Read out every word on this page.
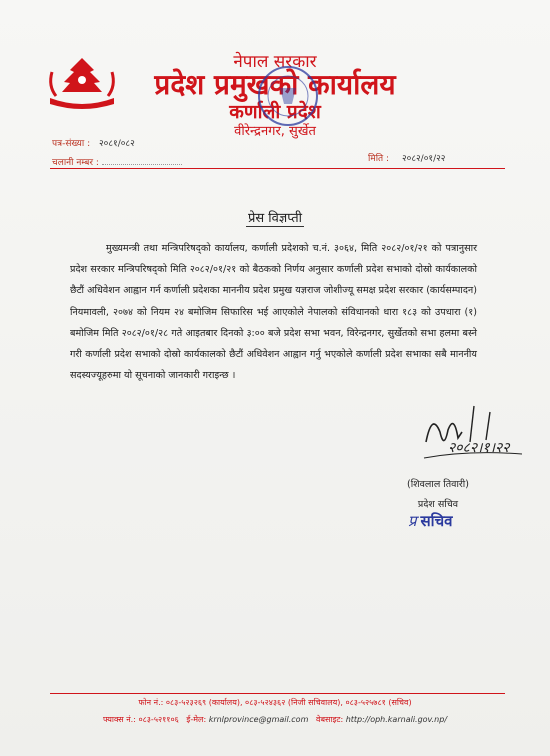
नेपाल सरकार
प्रदेश प्रमुखको कार्यालय
कर्णाली प्रदेश
वीरेन्द्रनगर, सुर्खेत
पत्र-संख्या : २०८१/०८२
चलानी नम्बर :	मिति : २०८२/०१/२२
प्रेस विज्ञप्ती
मुख्यमन्त्री तथा मन्त्रिपरिषद्को कार्यालय, कर्णाली प्रदेशको च.नं. ३०६४, मिति २०८२/०१/२१ को पत्रानुसार प्रदेश सरकार मन्त्रिपरिषद्को मिति २०८२/०१/२१ को बैठकको निर्णय अनुसार कर्णाली प्रदेश सभाको दोस्रो कार्यकालको छैटौं अधिवेशन आह्वान गर्न कर्णाली प्रदेशका माननीय प्रदेश प्रमुख यज्ञराज जोशीज्यू समक्ष प्रदेश सरकार (कार्यसम्पादन) नियमावली, २०७४ को नियम २४ बमोजिम सिफारिस भई आएकोले नेपालको संविधानको धारा १८३ को उपधारा (१) बमोजिम मिति २०८२/०१/२८ गते आइतबार दिनको ३:०० बजे प्रदेश सभा भवन, विरेन्द्रनगर, सुर्खेतको सभा हलमा बस्ने गरी कर्णाली प्रदेश सभाको दोस्रो कार्यकालको छैटौं अधिवेशन आह्वान गर्नु भएकोले कर्णाली प्रदेश सभाका सबै माननीय सदस्यज्यूहरुमा यो सूचनाको जानकारी गराइन्छ ।
२०८२।१।२२
(शिवलाल तिवारी)
प्रदेश सचिव
प्र सचिव
फोन नं.: ०८३-५२३२६९ (कार्यालय), ०८३-५२४३६२ (निजी सचिवालय), ०८३-५२५७८१ (सचिव)
फ्याक्स नं.: ०८३-५२११०६ ई-मेल: krnlprovince@gmail.com वेबसाइट: http://oph.karnali.gov.np/
